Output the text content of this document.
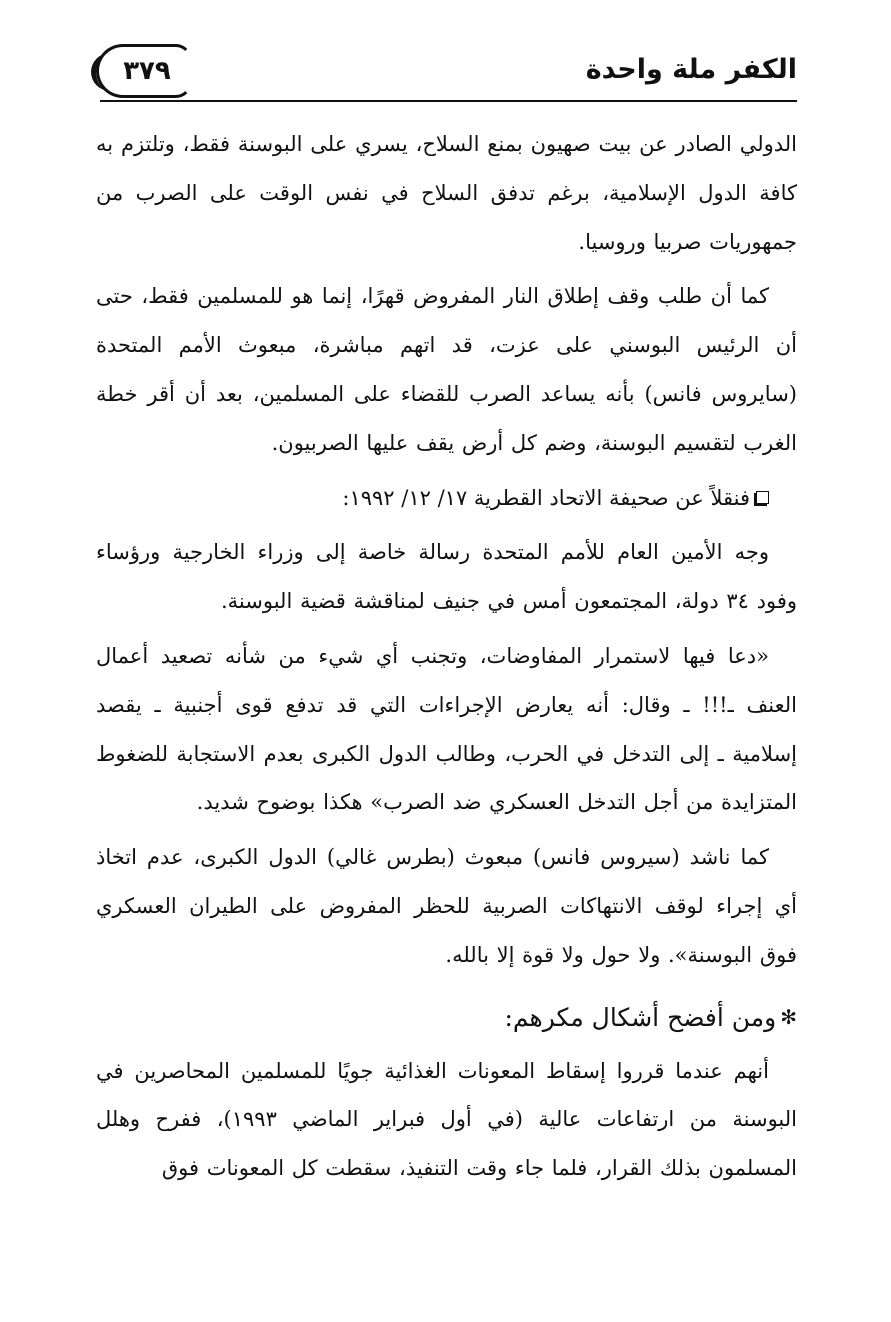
الكفر ملة واحدة
٣٧٩

الدولي الصادر عن بيت صهيون بمنع السلاح، يسري على البوسنة فقط، وتلتزم به كافة الدول الإسلامية، برغم تدفق السلاح في نفس الوقت على الصرب من جمهوريات صربيا وروسيا.

كما أن طلب وقف إطلاق النار المفروض قهرًا، إنما هو للمسلمين فقط، حتى أن الرئيس البوسني على عزت، قد اتهم مباشرة، مبعوث الأمم المتحدة (سايروس فانس) بأنه يساعد الصرب للقضاء على المسلمين، بعد أن أقر خطة الغرب لتقسيم البوسنة، وضم كل أرض يقف عليها الصربيون.

فنقلاً عن صحيفة الاتحاد القطرية ١٧/ ١٢/ ١٩٩٢:

وجه الأمين العام للأمم المتحدة رسالة خاصة إلى وزراء الخارجية ورؤساء وفود ٣٤ دولة، المجتمعون أمس في جنيف لمناقشة قضية البوسنة.

«دعا فيها لاستمرار المفاوضات، وتجنب أي شيء من شأنه تصعيد أعمال العنف ـ!!! ـ وقال: أنه يعارض الإجراءات التي قد تدفع قوى أجنبية ـ يقصد إسلامية ـ إلى التدخل في الحرب، وطالب الدول الكبرى بعدم الاستجابة للضغوط المتزايدة من أجل التدخل العسكري ضد الصرب» هكذا بوضوح شديد.

كما ناشد (سيروس فانس) مبعوث (بطرس غالي) الدول الكبرى، عدم اتخاذ أي إجراء لوقف الانتهاكات الصربية للحظر المفروض على الطيران العسكري فوق البوسنة». ولا حول ولا قوة إلا بالله.

✻ومن أفضح أشكال مكرهم:

أنهم عندما قرروا إسقاط المعونات الغذائية جويًا للمسلمين المحاصرين في البوسنة من ارتفاعات عالية (في أول فبراير الماضي ١٩٩٣)، ففرح وهلل المسلمون بذلك القرار، فلما جاء وقت التنفيذ، سقطت كل المعونات فوق
